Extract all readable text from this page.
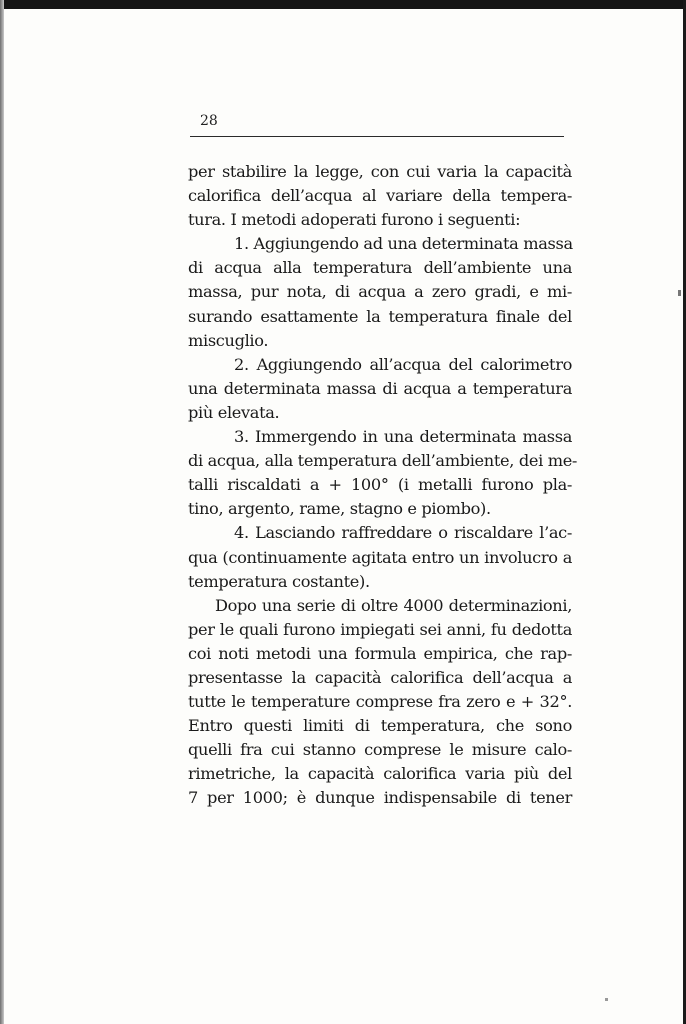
28
per stabilire la legge, con cui varia la capacità
calorifica dell’acqua al variare della tempera-
tura. I metodi adoperati furono i seguenti:
1. Aggiungendo ad una determinata massa
di acqua alla temperatura dell’ambiente una
massa, pur nota, di acqua a zero gradi, e mi-
surando esattamente la temperatura finale del
miscuglio.
2. Aggiungendo all’acqua del calorimetro
una determinata massa di acqua a temperatura
più elevata.
3. Immergendo in una determinata massa
di acqua, alla temperatura dell’ambiente, dei me-
talli riscaldati a + 100° (i metalli furono pla-
tino, argento, rame, stagno e piombo).
4. Lasciando raffreddare o riscaldare l’ac-
qua (continuamente agitata entro un involucro a
temperatura costante).
Dopo una serie di oltre 4000 determinazioni,
per le quali furono impiegati sei anni, fu dedotta
coi noti metodi una formula empirica, che rap-
presentasse la capacità calorifica dell’acqua a
tutte le temperature comprese fra zero e + 32°.
Entro questi limiti di temperatura, che sono
quelli fra cui stanno comprese le misure calo-
rimetriche, la capacità calorifica varia più del
7 per 1000; è dunque indispensabile di tener
